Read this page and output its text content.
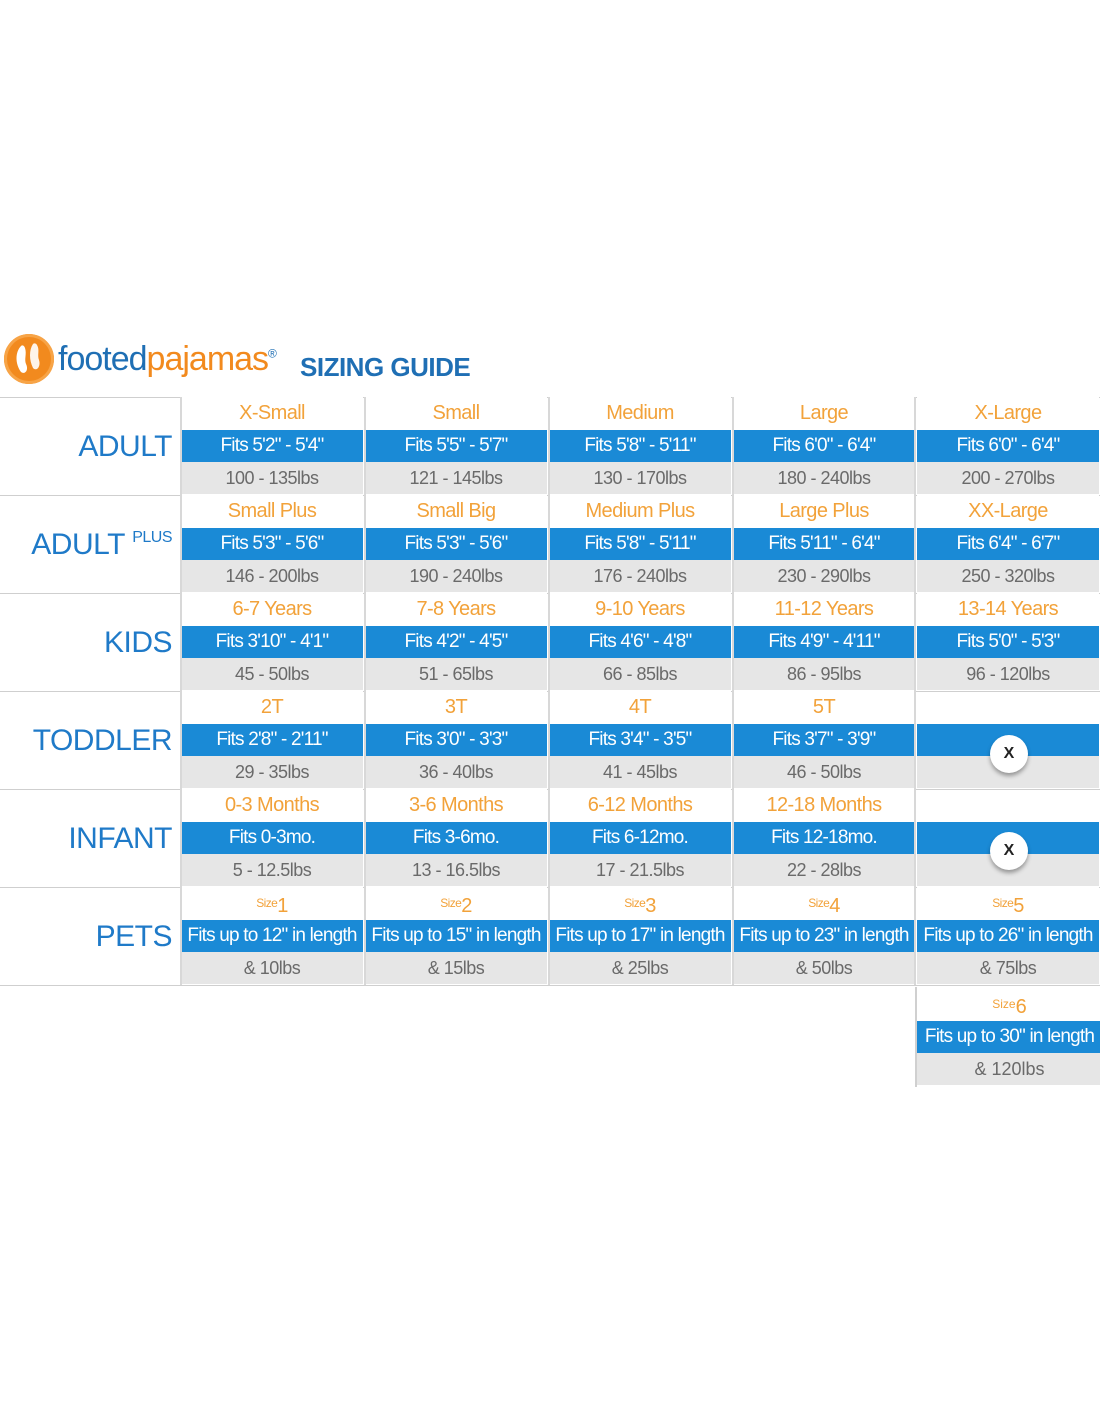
footedpajamas® SIZING GUIDE
ADULT
X-Small
Fits 5'2" - 5'4"
100 - 135lbs
Small
Fits 5'5" - 5'7"
121 - 145lbs
Medium
Fits 5'8" - 5'11"
130 - 170lbs
Large
Fits 6'0" - 6'4"
180 - 240lbs
X-Large
Fits 6'0" - 6'4"
200 - 270lbs
ADULT $^{PLUS}$
Small Plus
Fits 5'3" - 5'6"
146 - 200lbs
Small Big
Fits 5'3" - 5'6"
190 - 240lbs
Medium Plus
Fits 5'8" - 5'11"
176 - 240lbs
Large Plus
Fits 5'11" - 6'4"
230 - 290lbs
XX-Large
Fits 6'4" - 6'7"
250 - 320lbs
KIDS
6-7 Years
Fits 3'10" - 4'1"
45 - 50lbs
7-8 Years
Fits 4'2" - 4'5"
51 - 65lbs
9-10 Years
Fits 4'6" - 4'8"
66 - 85lbs
11-12 Years
Fits 4'9" - 4'11"
86 - 95lbs
13-14 Years
Fits 5'0" - 5'3"
96 - 120lbs
TODDLER
2T
Fits 2'8" - 2'11"
29 - 35lbs
3T
Fits 3'0" - 3'3"
36 - 40lbs
4T
Fits 3'4" - 3'5"
41 - 45lbs
5T
Fits 3'7" - 3'9"
46 - 50lbs
X
INFANT
0-3 Months
Fits 0-3mo.
5 - 12.5lbs
3-6 Months
Fits 3-6mo.
13 - 16.5lbs
6-12 Months
Fits 6-12mo.
17 - 21.5lbs
12-18 Months
Fits 12-18mo.
22 - 28lbs
X
PETS
$^{Size}$1
Fits up to 12" in length
& 10lbs
$^{Size}$2
Fits up to 15" in length
& 15lbs
$^{Size}$3
Fits up to 17" in length
& 25lbs
$^{Size}$4
Fits up to 23" in length
& 50lbs
$^{Size}$5
Fits up to 26" in length
& 75lbs
$^{Size}$6
Fits up to 30" in length
& 120lbs
